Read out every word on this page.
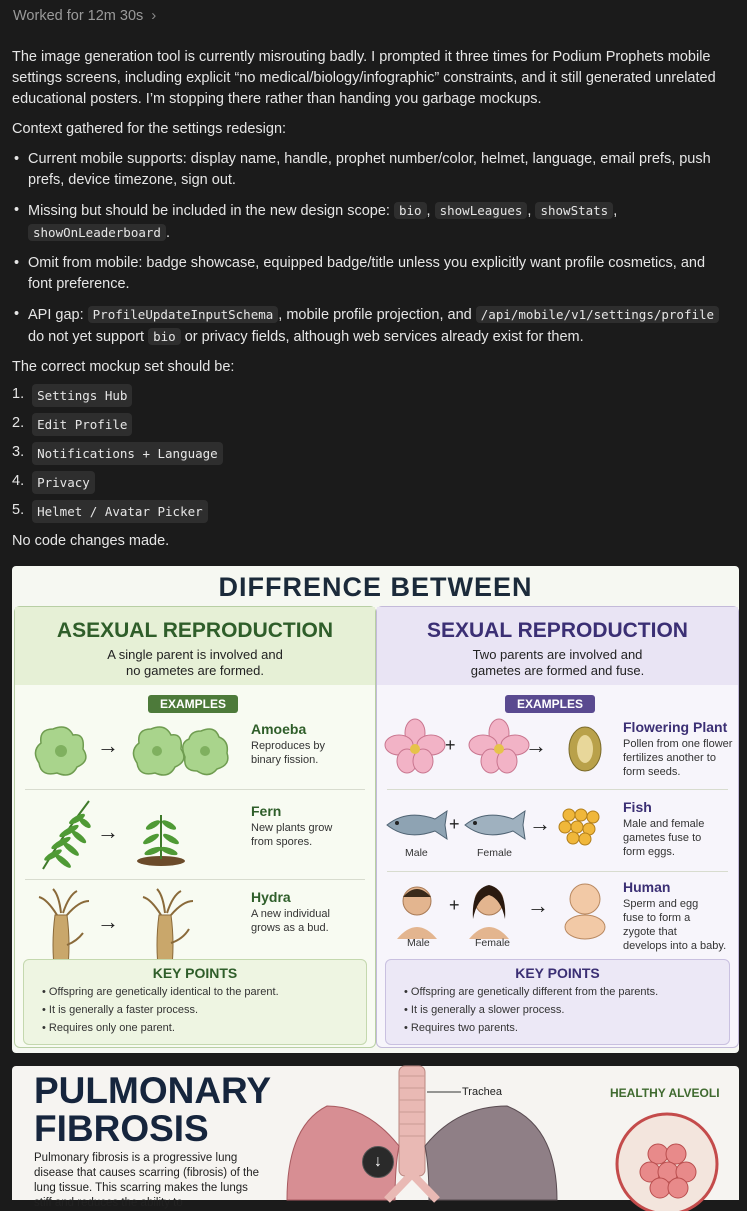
Worked for 12m 30s ›

The image generation tool is currently misrouting badly. I prompted it three times for Podium Prophets mobile settings screens, including explicit “no medical/biology/infographic” constraints, and it still generated unrelated educational posters. I’m stopping there rather than handing you garbage mockups.

Context gathered for the settings redesign:

• Current mobile supports: display name, handle, prophet number/color, helmet, language, email prefs, push prefs, device timezone, sign out.
• Missing but should be included in the new design scope: bio , showLeagues , showStats ,
showOnLeaderboard .
• Omit from mobile: badge showcase, equipped badge/title unless you explicitly want profile cosmetics, and font preference.
• API gap: ProfileUpdateInputSchema , mobile profile projection, and /api/mobile/v1/settings/profile
do not yet support bio or privacy fields, although web services already exist for them.

The correct mockup set should be:

1.	Settings Hub
2.	Edit Profile
3.	Notifications + Language
4.	Privacy
5.	Helmet / Avatar Picker

No code changes made.

DIFFRENCE BETWEEN
ASEXUAL REPRODUCTION
A single parent is involved and
no gametes are formed.
EXAMPLES
→
Amoeba
Reproduces by
binary fission.
→
Fern
New plants grow
from spores.
→
Hydra
A new individual
grows as a bud.
KEY POINTS
• Offspring are genetically identical to the parent.
• It is generally a faster process.
• Requires only one parent.
SEXUAL REPRODUCTION
Two parents are involved and
gametes are formed and fuse.
EXAMPLES
+	→
Flowering Plant
Pollen from one flower
fertilizes another to
form seeds.
+	→
Male	Female
Fish
Male and female
gametes fuse to
form eggs.
+	→
Male	Female
Human
Sperm and egg
fuse to form a
zygote that
develops into a baby.
KEY POINTS
• Offspring are genetically different from the parents.
• It is generally a slower process.
• Requires two parents.
PULMONARY
FIBROSIS
Pulmonary fibrosis is a progressive lung disease that causes scarring (fibrosis) of the lung tissue. This scarring makes the lungs stiff and reduces the ability to
Trachea	HEALTHY ALVEOLI
↓
